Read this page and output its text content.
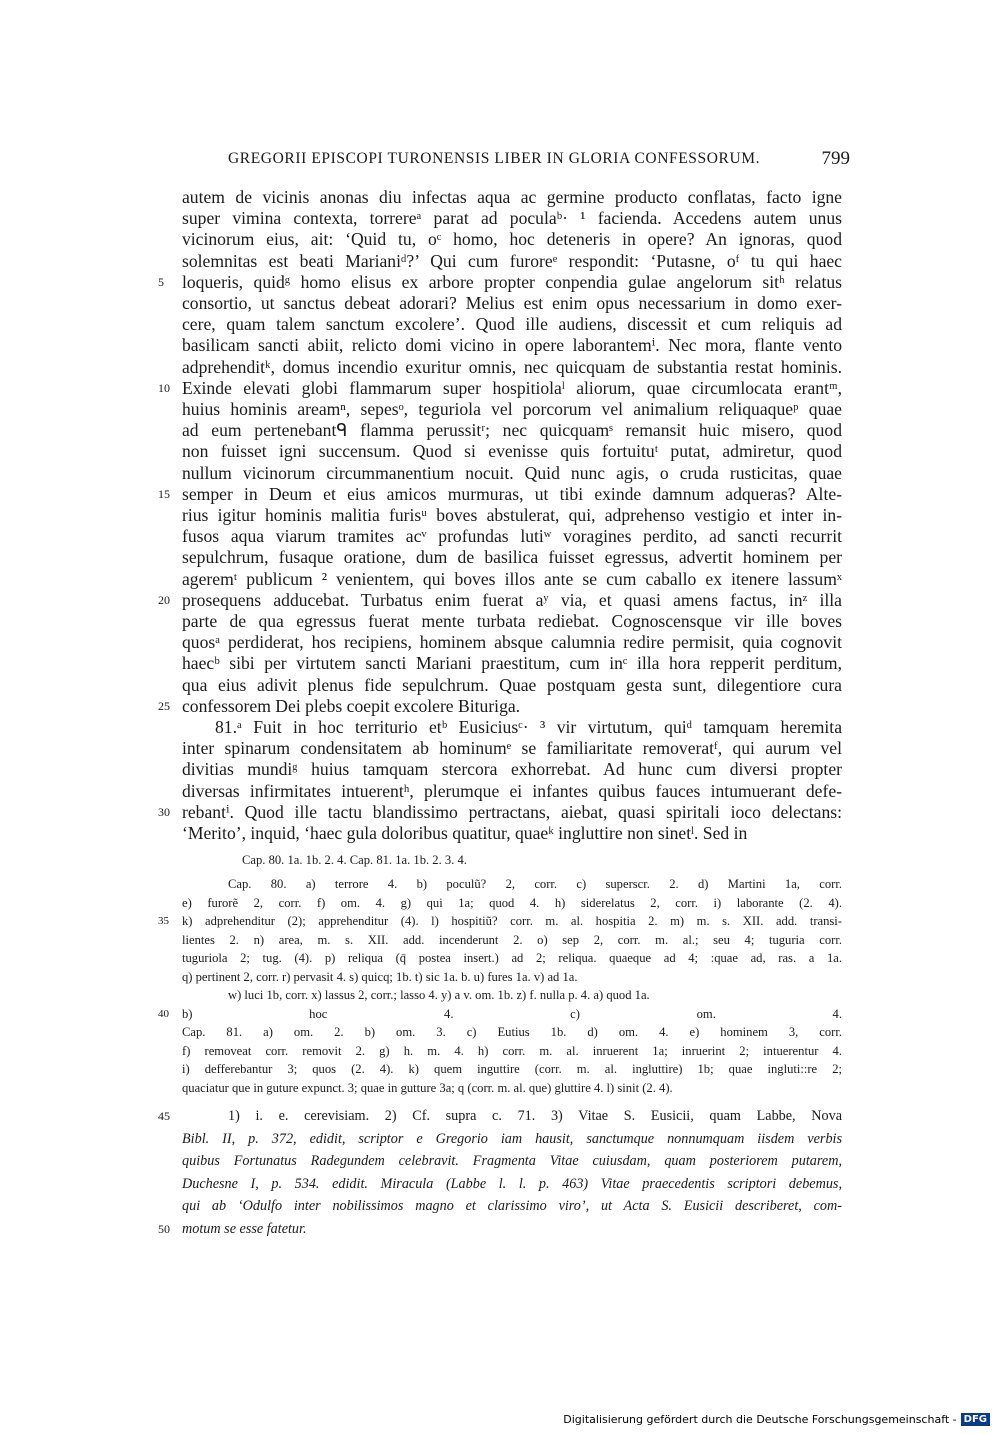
GREGORII EPISCOPI TURONENSIS LIBER IN GLORIA CONFESSORUM.	799
autem de vicinis anonas diu infectas aqua ac germine producto conflatas, facto igne
super vimina contexta, torrereᵃ parat ad poculaᵇ· ¹ facienda. Accedens autem unus
vicinorum eius, ait: ‘Quid tu, oᶜ homo, hoc deteneris in opere? An ignoras, quod
solemnitas est beati Marianiᵈ?’ Qui cum furoreᵉ respondit: ‘Putasne, oᶠ tu qui haec
5	loqueris, quidᵍ homo elisus ex arbore propter conpendia gulae angelorum sitʰ relatus
consortio, ut sanctus debeat adorari? Melius est enim opus necessarium in domo exer-
cere, quam talem sanctum excolere’. Quod ille audiens, discessit et cum reliquis ad
basilicam sancti abiit, relicto domi vicino in opere laborantemⁱ. Nec mora, flante vento
adprehenditᵏ, domus incendio exuritur omnis, nec quicquam de substantia restat hominis.
10 Exinde elevati globi flammarum super hospitiolaˡ aliorum, quae circumlocata erantᵐ,
huius hominis areamⁿ, sepesᵒ, teguriola vel porcorum vel animalium reliquaqueᵖ quae
ad eum pertenebantᑫ flamma perussitʳ; nec quicquamˢ remansit huic misero, quod
non fuisset igni succensum. Quod si evenisse quis fortuituᵗ putat, admiretur, quod
nullum vicinorum circummanentium nocuit. Quid nunc agis, o cruda rusticitas, quae
15 semper in Deum et eius amicos murmuras, ut tibi exinde damnum adqueras? Alte-
rius igitur hominis malitia furisᵘ boves abstulerat, qui, adprehenso vestigio et inter in-
fusos aqua viarum tramites acᵛ profundas lutiʷ voragines perdito, ad sancti recurrit
sepulchrum, fusaque oratione, dum de basilica fuisset egressus, advertit hominem per
ageremᵗ publicum ² venientem, qui boves illos ante se cum caballo ex itenere lassumˣ
20 prosequens adducebat. Turbatus enim fuerat aʸ via, et quasi amens factus, inᶻ illa
parte de qua egressus fuerat mente turbata rediebat. Cognoscensque vir ille boves
quosᵃ perdiderat, hos recipiens, hominem absque calumnia redire permisit, quia cognovit
haecᵇ sibi per virtutem sancti Mariani praestitum, cum inᶜ illa hora repperit perditum,
qua eius adivit plenus fide sepulchrum. Quae postquam gesta sunt, dilegentiore cura
25 confessorem Dei plebs coepit excolere Bituriga.
81.ᵃ Fuit in hoc territurio etᵇ Eusiciusᶜ· ³ vir virtutum, quiᵈ tamquam heremita
inter spinarum condensitatem ab hominumᵉ se familiaritate removeratᶠ, qui aurum vel
divitias mundiᵍ huius tamquam stercora exhorrebat. Ad hunc cum diversi propter
diversas infirmitates intuerentʰ, plerumque ei infantes quibus fauces intumuerant defe-
30 rebantⁱ. Quod ille tactu blandissimo pertractans, aiebat, quasi spiritali ioco delectans:
‘Merito’, inquid, ‘haec gula doloribus quatitur, quaeᵏ ingluttire non sinetˡ. Sed in
Cap. 80. 1a. 1b. 2. 4. Cap. 81. 1a. 1b. 2. 3. 4.
Cap. 80. a) terrore 4. b) poculũ? 2, corr. c) superscr. 2. d) Martini 1a, corr.
e) furorẽ 2, corr. f) om. 4. g) qui 1a; quod 4. h) siderelatus 2, corr. i) laborante (2. 4).
35	k) adprehenditur (2); apprehenditur (4). l) hospitiũ? corr. m. al. hospitia 2. m) m. s. XII. add. transi-
lientes 2. n) area, m. s. XII. add. incenderunt 2. o) sep 2, corr. m. al.; seu 4; tuguria corr.
tuguriola 2; tug. (4). p) reliqua (q̄ postea insert.) ad 2; reliqua. quaeque ad 4; :quae ad, ras. a 1a.
q) pertinent 2, corr. r) pervasit 4. s) quicq; 1b. t) sic 1a. b. u) fures 1a. v) ad 1a.
w) luci 1b, corr. x) lassus 2, corr.; lasso 4. y) a v. om. 1b. z) f. nulla p. 4. a) quod 1a.
40	b) hoc 4. c) om. 4.
Cap. 81. a) om. 2. b) om. 3. c) Eutius 1b. d) om. 4. e) hominem 3, corr.
f) removeat corr. removit 2. g) h. m. 4. h) corr. m. al. inruerent 1a; inruerint 2; intuerentur 4.
i) defferebantur 3; quos (2. 4). k) quem inguttire (corr. m. al. ingluttire) 1b; quae ingluti::re 2;
quaciatur que in guture expunct. 3; quae in gutture 3a; q (corr. m. al. que) gluttire 4. l) sinit (2. 4).
45	1) i. e. cerevisiam. 2) Cf. supra c. 71. 3) Vitae S. Eusicii, quam Labbe, Nova
Bibl. II, p. 372, edidit, scriptor e Gregorio iam hausit, sanctumque nonnumquam iisdem verbis
quibus Fortunatus Radegundem celebravit. Fragmenta Vitae cuiusdam, quam posteriorem putarem,
Duchesne I, p. 534. edidit. Miracula (Labbe l. l. p. 463) Vitae praecedentis scriptori debemus,
qui ab ‘Odulfo inter nobilissimos magno et clarissimo viro’, ut Acta S. Eusicii describeret, com-
50 motum se esse fatetur.
Digitalisierung gefördert durch die Deutsche Forschungsgemeinschaft - DFG
